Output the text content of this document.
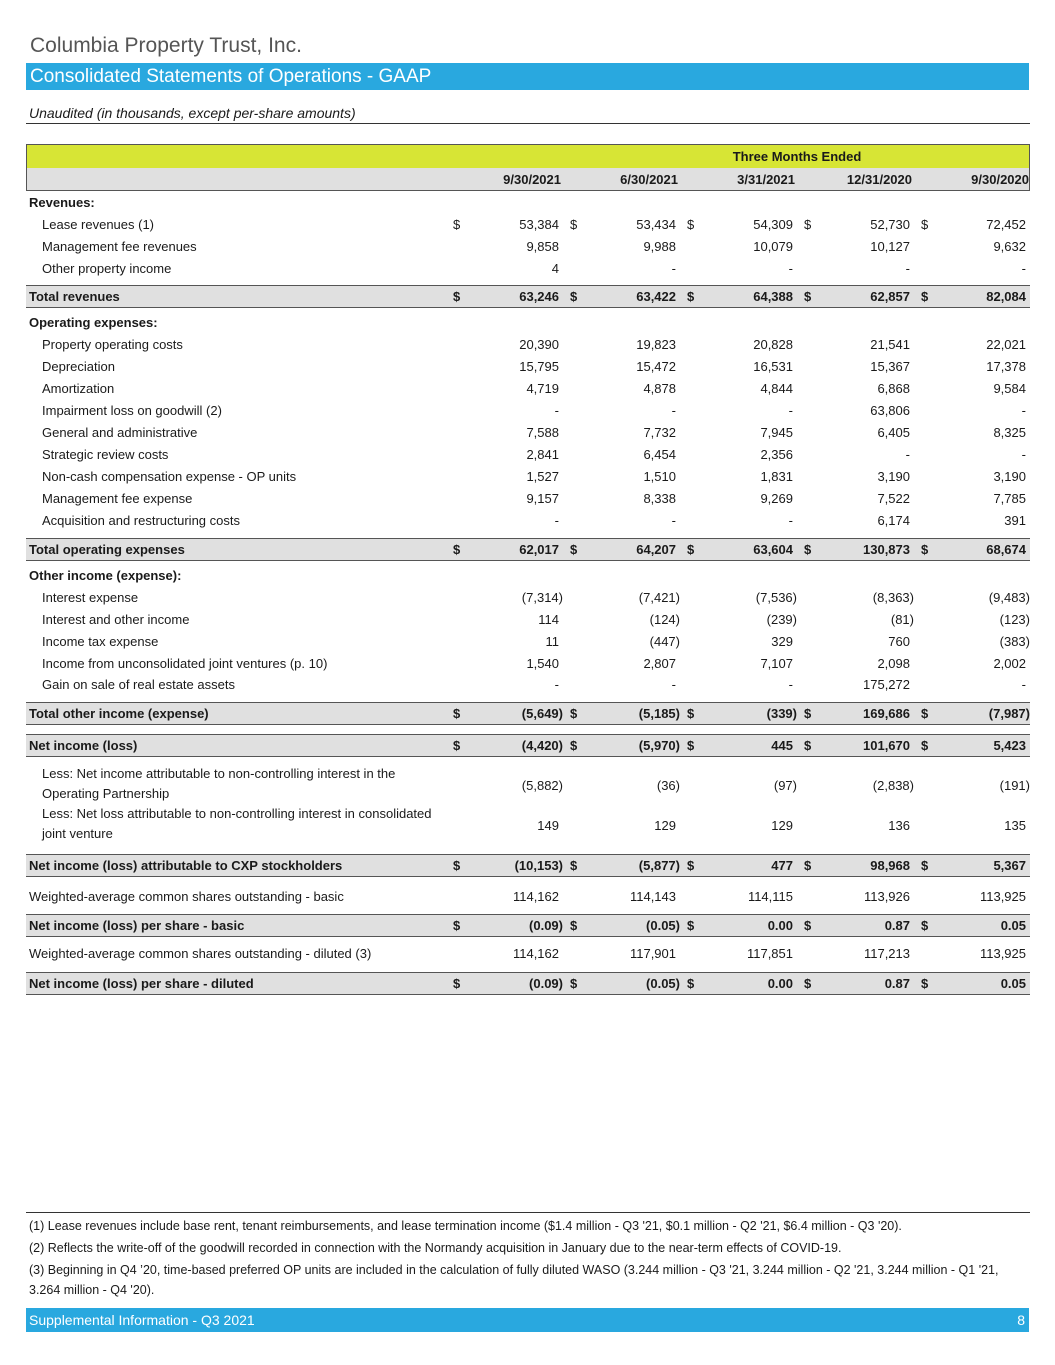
Columbia Property Trust, Inc.
Consolidated Statements of Operations - GAAP
Unaudited (in thousands, except per-share amounts)
Three Months Ended
9/30/2021	6/30/2021	3/31/2021	12/31/2020	9/30/2020
Revenues:
Lease revenues (1)	$	53,384 $	53,434 $	54,309 $	52,730 $	72,452
Management fee revenues	9,858	9,988	10,079	10,127	9,632
Other property income	4	-	-	-	-
Total revenues	$	63,246 $	63,422 $	64,388 $	62,857 $	82,084
Operating expenses:
Property operating costs	20,390	19,823	20,828	21,541	22,021
Depreciation	15,795	15,472	16,531	15,367	17,378
Amortization	4,719	4,878	4,844	6,868	9,584
Impairment loss on goodwill (2)	-	-	-	63,806	-
General and administrative	7,588	7,732	7,945	6,405	8,325
Strategic review costs	2,841	6,454	2,356	-	-
Non-cash compensation expense - OP units	1,527	1,510	1,831	3,190	3,190
Management fee expense	9,157	8,338	9,269	7,522	7,785
Acquisition and restructuring costs	-	-	-	6,174	391
Total operating expenses	$	62,017 $	64,207 $	63,604 $	130,873 $	68,674
Other income (expense):
Interest expense	(7,314)	(7,421)	(7,536)	(8,363)	(9,483)
Interest and other income	114	(124)	(239)	(81)	(123)
Income tax expense	11	(447)	329	760	(383)
Income from unconsolidated joint ventures (p. 10)	1,540	2,807	7,107	2,098	2,002
Gain on sale of real estate assets	-	-	-	175,272	-
Total other income (expense)	$	(5,649) $	(5,185) $	(339) $	169,686 $	(7,987)
Net income (loss)	$	(4,420) $	(5,970) $	445 $	101,670 $	5,423
Less: Net income attributable to non-controlling interest in the Operating Partnership
(5,882)	(36)	(97)	(2,838)	(191)
Less: Net loss attributable to non-controlling interest in consolidated joint venture
149	129	129	136	135
Net income (loss) attributable to CXP stockholders	$	(10,153) $	(5,877) $	477 $	98,968 $	5,367
Weighted-average common shares outstanding - basic	114,162	114,143	114,115	113,926	113,925
Net income (loss) per share - basic	$	(0.09) $	(0.05) $	0.00 $	0.87 $	0.05
Weighted-average common shares outstanding - diluted (3)	114,162	117,901	117,851	117,213	113,925
Net income (loss) per share - diluted	$	(0.09) $	(0.05) $	0.00 $	0.87 $	0.05
(1) Lease revenues include base rent, tenant reimbursements, and lease termination income ($1.4 million - Q3 '21, $0.1 million - Q2 '21, $6.4 million - Q3 '20).
(2) Reflects the write-off of the goodwill recorded in connection with the Normandy acquisition in January due to the near-term effects of COVID-19.
(3) Beginning in Q4 ’20, time-based preferred OP units are included in the calculation of fully diluted WASO (3.244 million - Q3 '21, 3.244 million - Q2 '21, 3.244 million - Q1 '21, 3.264 million - Q4 '20).
Supplemental Information - Q3 2021	8
